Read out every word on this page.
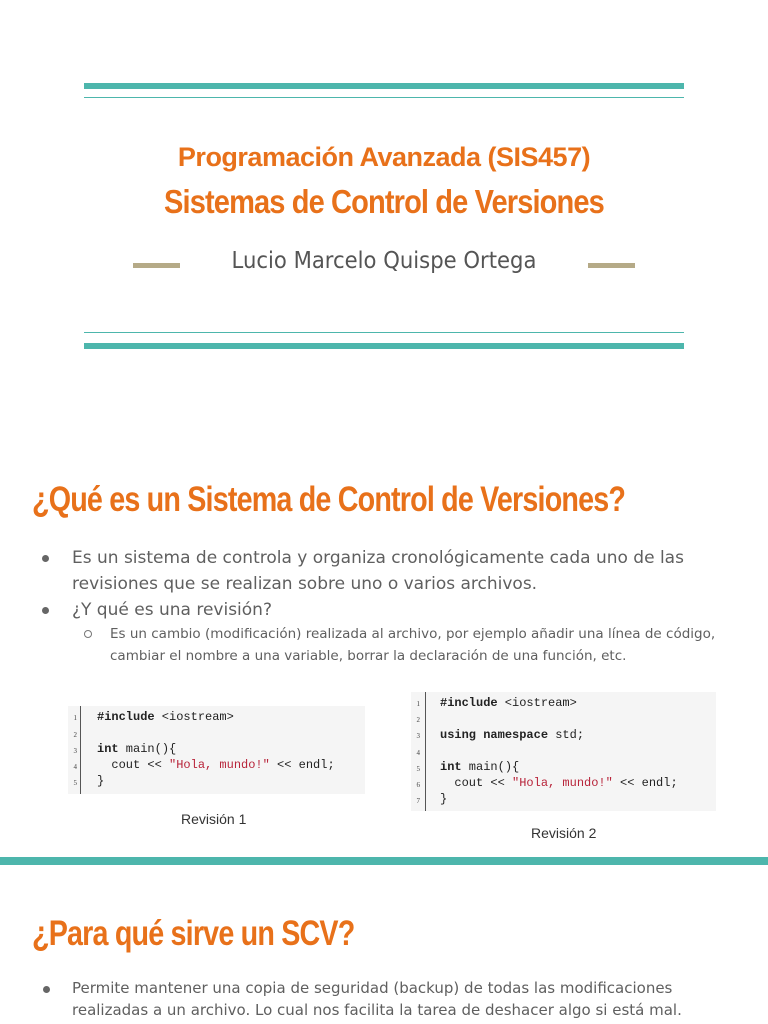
Programación Avanzada (SIS457)
Sistemas de Control de Versiones
Lucio Marcelo Quispe Ortega
¿Qué es un Sistema de Control de Versiones?
Es un sistema de controla y organiza cronológicamente cada uno de las
revisiones que se realizan sobre uno o varios archivos.
¿Y qué es una revisión?
Es un cambio (modificación) realizada al archivo, por ejemplo añadir una línea de código,
cambiar el nombre a una variable, borrar la declaración de una función, etc.
1
2
3
4
5
#include <iostream>
int main(){
cout << "Hola, mundo!" << endl;
}
Revisión 1
1
2
3
4
5
6
7
#include <iostream>
using namespace std;
int main(){
cout << "Hola, mundo!" << endl;
}
Revisión 2
¿Para qué sirve un SCV?
Permite mantener una copia de seguridad (backup) de todas las modificaciones
realizadas a un archivo. Lo cual nos facilita la tarea de deshacer algo si está mal.
